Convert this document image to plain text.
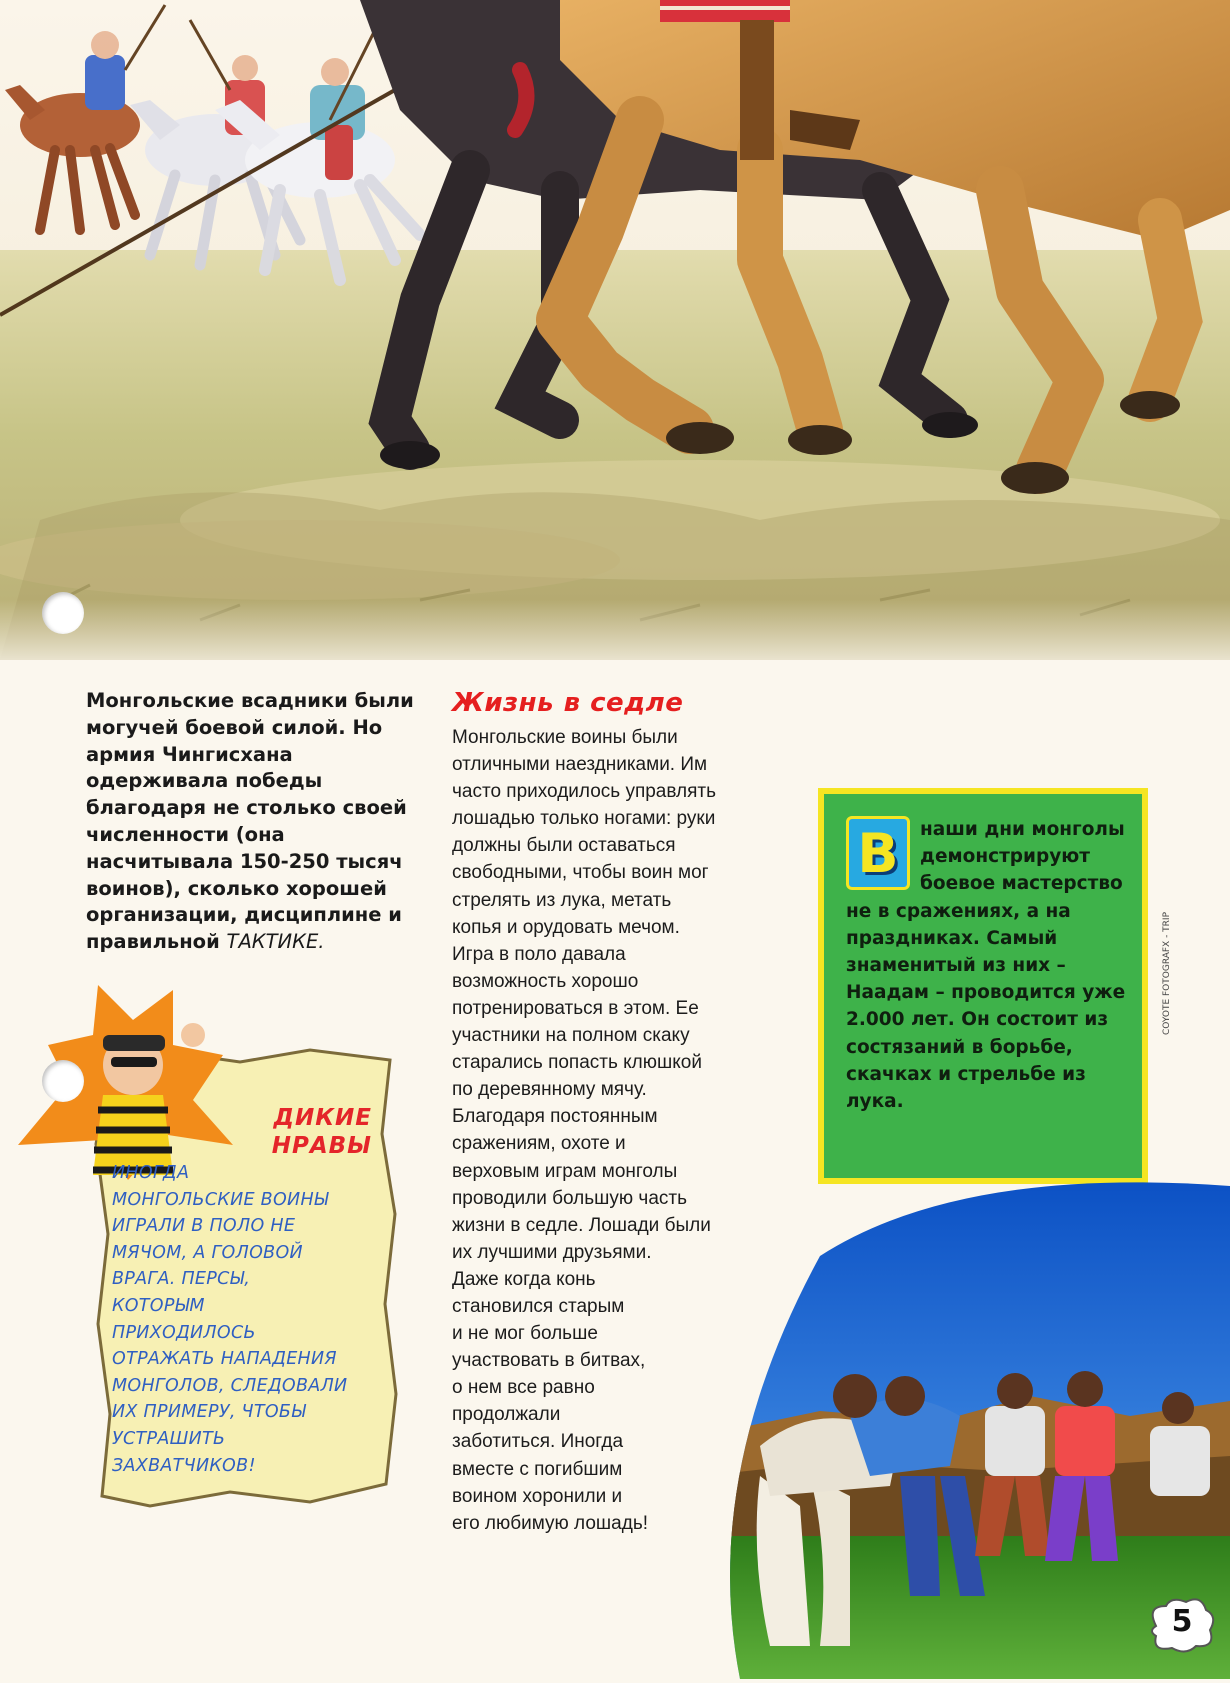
Монгольские всадники были могучей боевой силой. Но армия Чингисхана одерживала победы благодаря не столько своей численности (она насчитывала 150-250 тысяч воинов), сколько хорошей организации, дисциплине и правильной ТАКТИКЕ.
Жизнь в седле
Монгольские воины были
отличными наездниками. Им
часто приходилось управлять
лошадью только ногами: руки
должны были оставаться
свободными, чтобы воин мог
стрелять из лука, метать
копья и орудовать мечом.
Игра в поло давала
возможность хорошо
потренироваться в этом. Ее
участники на полном скаку
старались попасть клюшкой
по деревянному мячу.
Благодаря постоянным
сражениям, охоте и
верховым играм монголы
проводили большую часть
жизни в седле. Лошади были
их лучшими друзьями.
Даже когда конь
становился старым
и не мог больше
участвовать в битвах,
о нем все равно
продолжали
заботиться. Иногда
вместе с погибшим
воином хоронили и
его любимую лошадь!
наши дни монголы демонстрируют боевое мастерство не в сражениях, а на праздниках. Самый знаменитый из них – Наадам – проводится уже 2.000 лет. Он состоит из состязаний в борьбе, скачках и стрельбе из лука.
В
COYOTE FOTOGRAFX - TRIP
ДИКИЕ НРАВЫ
ИНОГДА
МОНГОЛЬСКИЕ ВОИНЫ
ИГРАЛИ В ПОЛО НЕ
МЯЧОМ, А ГОЛОВОЙ
ВРАГА. ПЕРСЫ,
КОТОРЫМ
ПРИХОДИЛОСЬ
ОТРАЖАТЬ НАПАДЕНИЯ
МОНГОЛОВ, СЛЕДОВАЛИ
ИХ ПРИМЕРУ, ЧТОБЫ
УСТРАШИТЬ
ЗАХВАТЧИКОВ!
5
